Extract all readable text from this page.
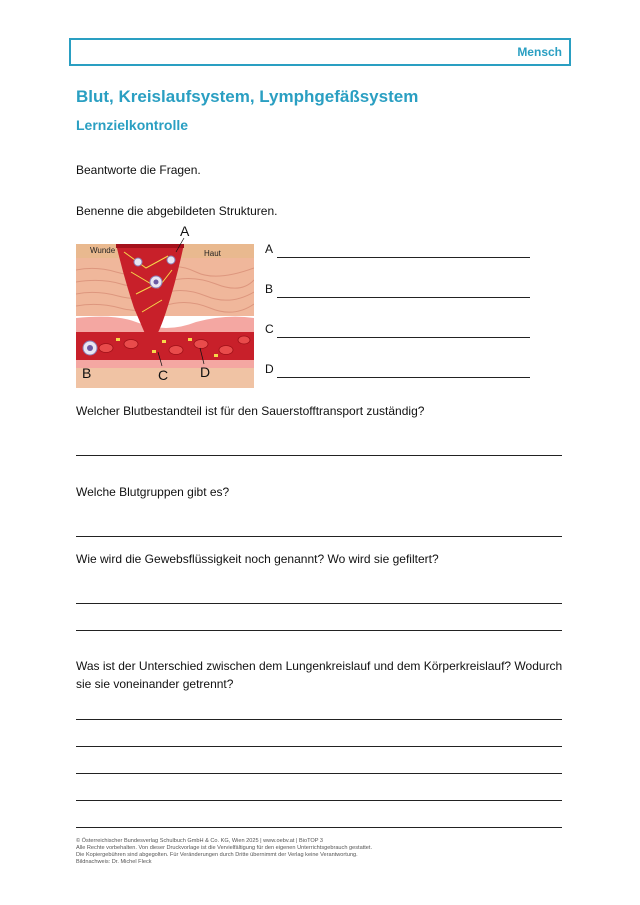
Mensch
Blut, Kreislaufsystem, Lymphgefäßsystem
Lernzielkontrolle
Beantworte die Fragen.
Benenne die abgebildeten Strukturen.
Wunde	Haut
A
B	C D
A
B
C
D
Welcher Blutbestandteil ist für den Sauerstofftransport zuständig?
Welche Blutgruppen gibt es?
Wie wird die Gewebsflüssigkeit noch genannt? Wo wird sie gefiltert?
Was ist der Unterschied zwischen dem Lungenkreislauf und dem Körperkreislauf? Wodurch
sie sie voneinander getrennt?
© Österreichischer Bundesverlag Schulbuch GmbH & Co. KG, Wien 2025 | www.oebv.at | BioTOP 3
Alle Rechte vorbehalten. Von dieser Druckvorlage ist die Vervielfältigung für den eigenen Unterrichtsgebrauch gestattet.
Die Kopiergebühren sind abgegolten. Für Veränderungen durch Dritte übernimmt der Verlag keine Verantwortung.
Bildnachweis: Dr. Michel Fleck
